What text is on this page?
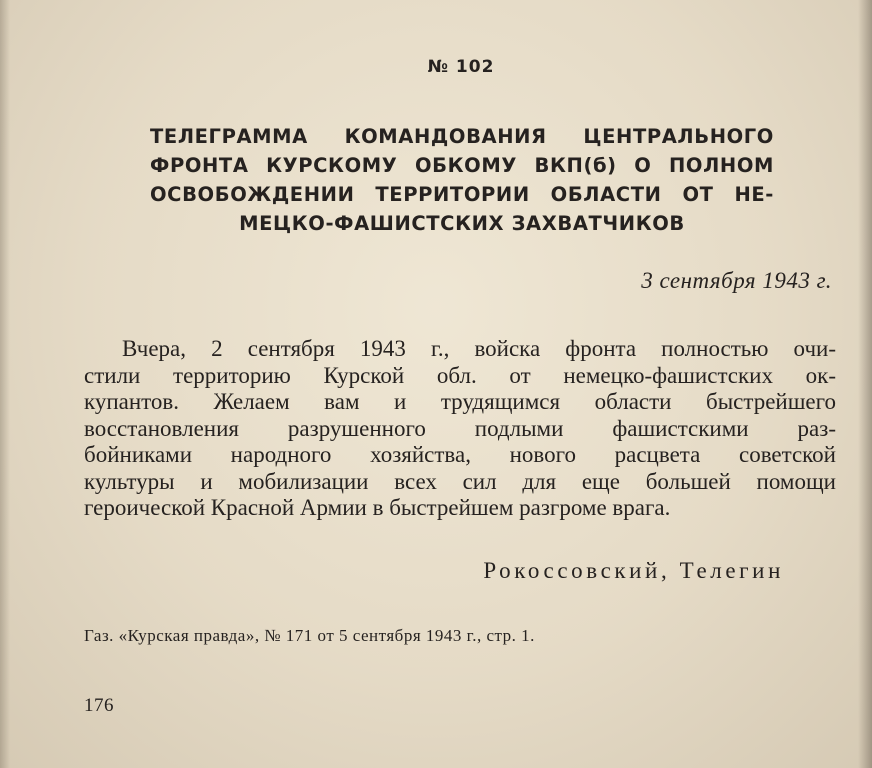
№ 102
ТЕЛЕГРАММА КОМАНДОВАНИЯ ЦЕНТРАЛЬНОГО
ФРОНТА КУРСКОМУ ОБКОМУ ВКП(б) О ПОЛНОМ
ОСВОБОЖДЕНИИ ТЕРРИТОРИИ ОБЛАСТИ ОТ НЕ-
МЕЦКО-ФАШИСТСКИХ ЗАХВАТЧИКОВ
3 сентября 1943 г.
Вчера, 2 сентября 1943 г., войска фронта полностью очи-
стили территорию Курской обл. от немецко-фашистских ок-
купантов. Желаем вам и трудящимся области быстрейшего
восстановления разрушенного подлыми фашистскими раз-
бойниками народного хозяйства, нового расцвета советской
культуры и мобилизации всех сил для еще большей помощи
героической Красной Армии в быстрейшем разгроме врага.
Рокоссовский, Телегин
Газ. «Курская правда», № 171 от 5 сентября 1943 г., стр. 1.
176
